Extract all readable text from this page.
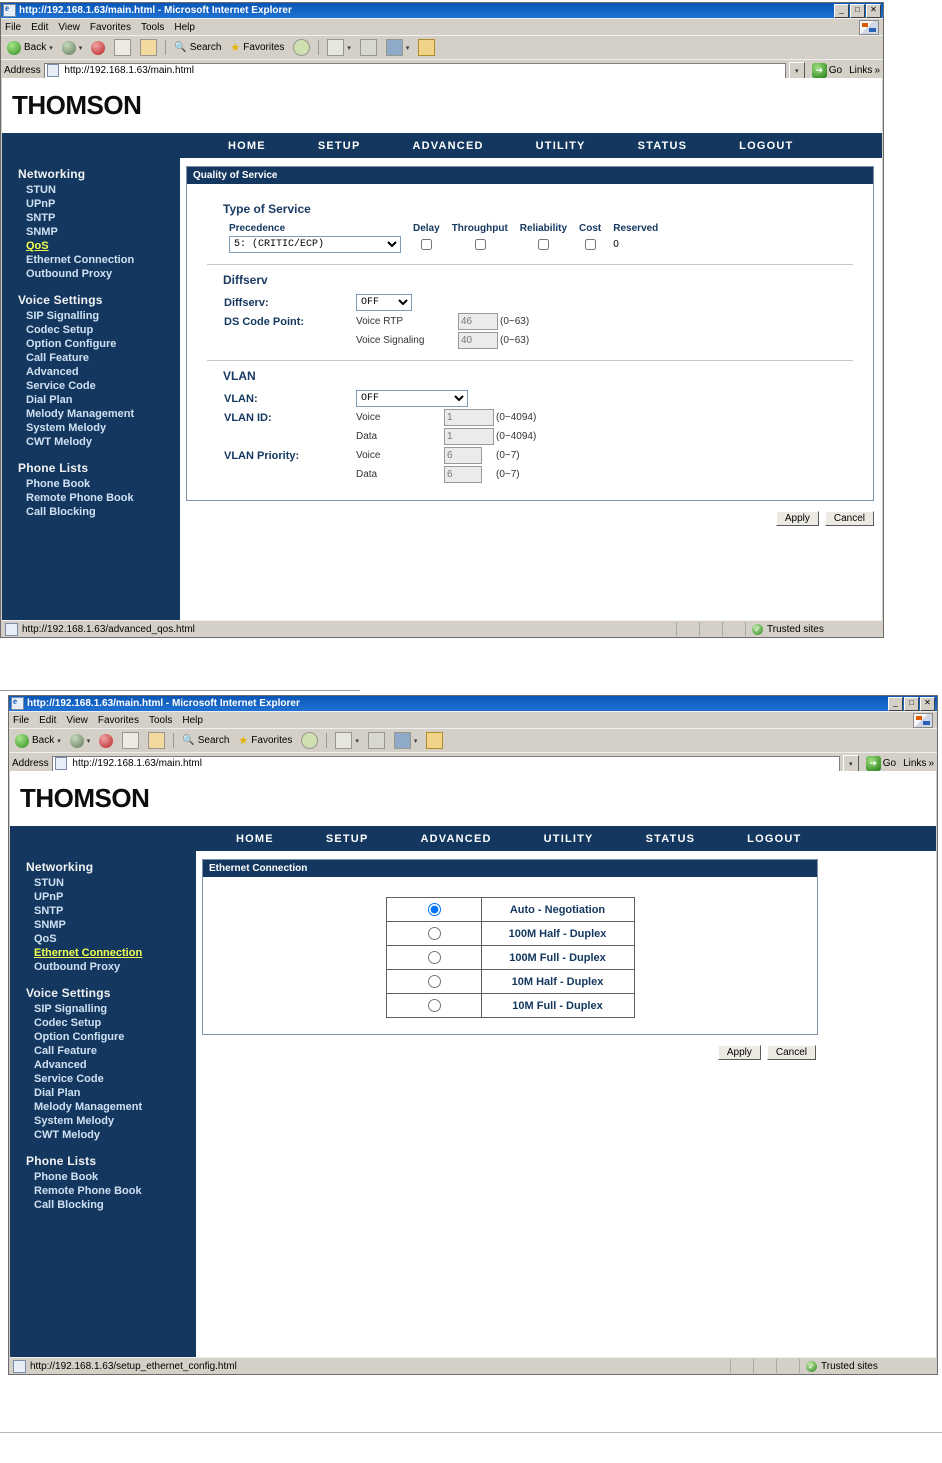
e
http://192.168.1.63/main.html - Microsoft Internet Explorer	_	□	✕
File Edit View Favorites Tools Help
Back ▾	▾ 🔍	Search ★ Favorites	▾	▾
Address
http://192.168.1.63/main.html	▾	➔ Go Links »
THOMSON
HOME	SETUP	ADVANCED	UTILITY	STATUS	LOGOUT
Networking
STUN
UPnP
SNTP
SNMP
QoS
Ethernet Connection
Outbound Proxy
Voice Settings
SIP Signalling
Codec Setup
Option Configure
Call Feature
Advanced
Service Code
Dial Plan
Melody Management
System Melody
CWT Melody
Phone Lists
Phone Book
Remote Phone Book
Call Blocking
Quality of Service
Type of Service
Precedence	Delay	Throughput	Reliability	Cost	Reserved

5: (CRITIC/ECP)					0
Diffserv
Diffserv:	
OFF
DS Code Point:	Voice RTP	46	(0~63)
	Voice Signaling	40	(0~63)
VLAN
VLAN:	
OFF
VLAN ID:	Voice	1	(0~4094)
	Data	1	(0~4094)
VLAN Priority:	Voice	6	(0~7)
	Data	6	(0~7)
Apply	Cancel
http://192.168.1.63/advanced_qos.html	✓ Trusted sites
e
http://192.168.1.63/main.html - Microsoft Internet Explorer	_	□	✕
File Edit View Favorites Tools Help
Back ▾	▾ 🔍	Search ★ Favorites	▾	▾
Address
http://192.168.1.63/main.html	▾	➔ Go Links »
THOMSON
HOME	SETUP	ADVANCED	UTILITY	STATUS	LOGOUT
Networking
STUN
UPnP
SNTP
SNMP
QoS
Ethernet Connection
Outbound Proxy
Voice Settings
SIP Signalling
Codec Setup
Option Configure
Call Feature
Advanced
Service Code
Dial Plan
Melody Management
System Melody
CWT Melody
Phone Lists
Phone Book
Remote Phone Book
Call Blocking
Ethernet Connection
	Auto - Negotiation
	100M Half - Duplex
	100M Full - Duplex
	10M Half - Duplex
	10M Full - Duplex
Apply	Cancel
http://192.168.1.63/setup_ethernet_config.html	✓ Trusted sites
